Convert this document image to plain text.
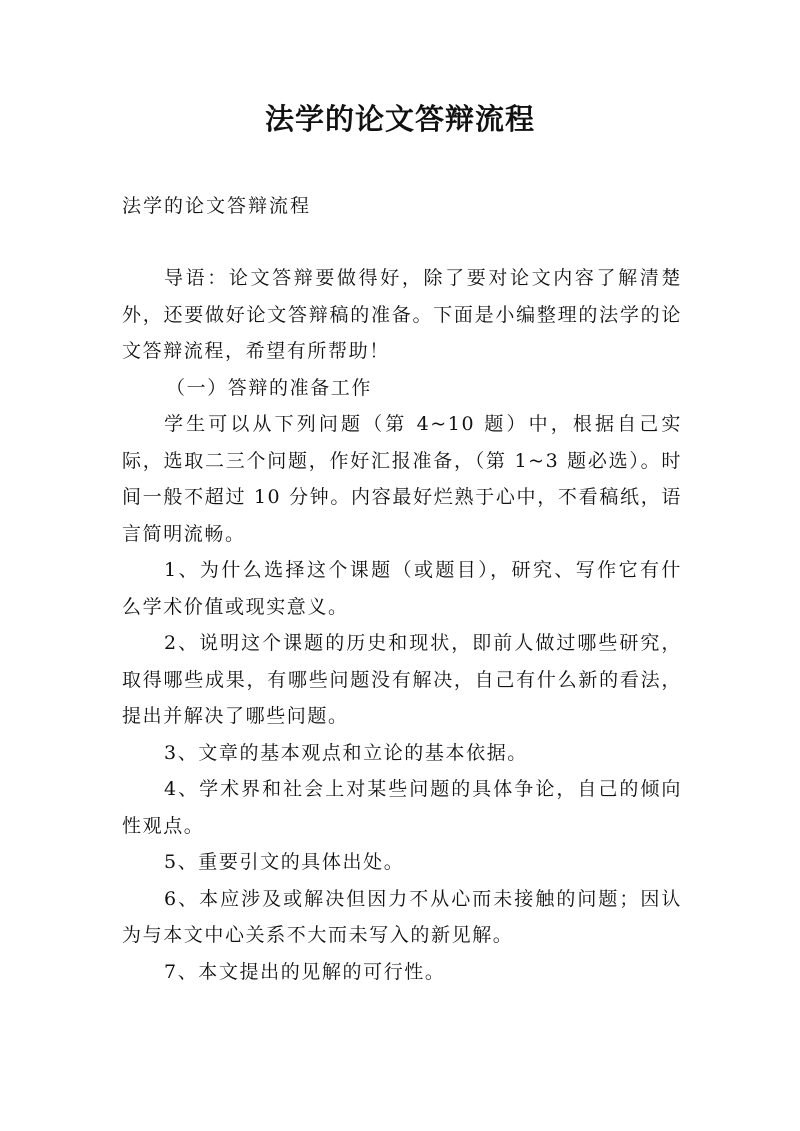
法学的论文答辩流程
法学的论文答辩流程

导语：论文答辩要做得好，除了要对论文内容了解清楚外，还要做好论文答辩稿的准备。下面是小编整理的法学的论文答辩流程，希望有所帮助！

（一）答辩的准备工作

学生可以从下列问题（第 4~10 题）中，根据自己实际，选取二三个问题，作好汇报准备，（第 1~3 题必选）。时间一般不超过 10 分钟。内容最好烂熟于心中，不看稿纸，语言简明流畅。

1、为什么选择这个课题（或题目），研究、写作它有什么学术价值或现实意义。

2、说明这个课题的历史和现状，即前人做过哪些研究，取得哪些成果，有哪些问题没有解决，自己有什么新的看法，提出并解决了哪些问题。

3、文章的基本观点和立论的基本依据。

4、学术界和社会上对某些问题的具体争论，自己的倾向性观点。

5、重要引文的具体出处。

6、本应涉及或解决但因力不从心而未接触的问题；因认为与本文中心关系不大而未写入的新见解。

7、本文提出的见解的可行性。
